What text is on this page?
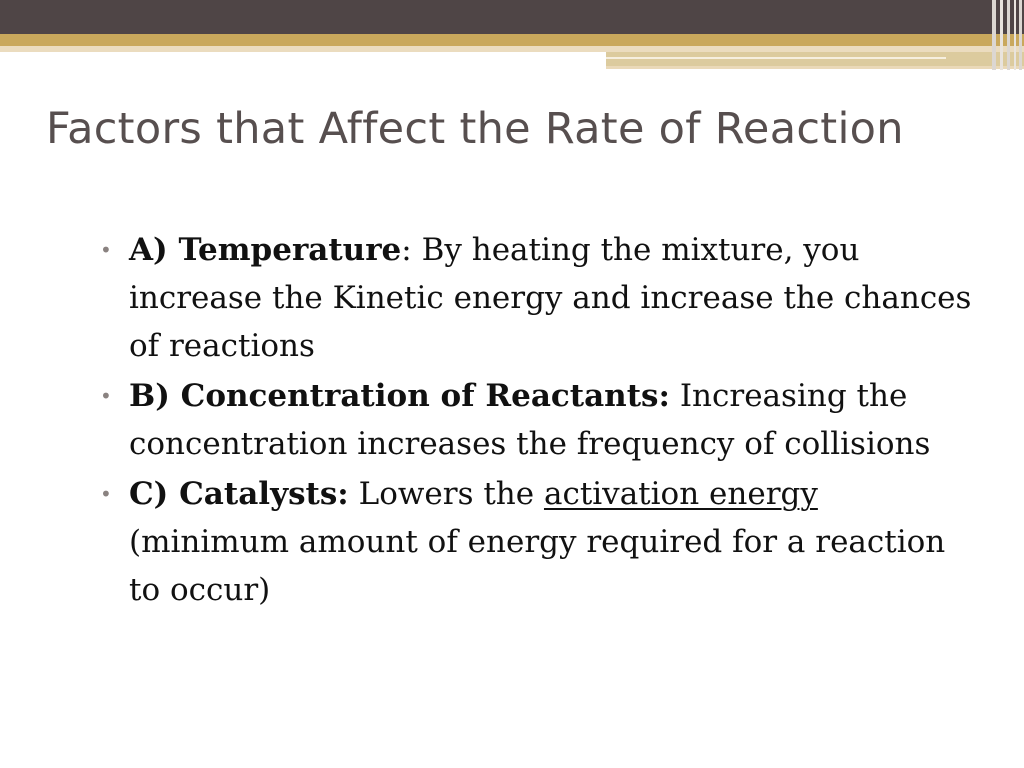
Factors that Affect the Rate of Reaction
• A) Temperature: By heating the mixture, you increase the Kinetic energy and increase the chances of reactions
• B) Concentration of Reactants: Increasing the concentration increases the frequency of collisions
• C) Catalysts: Lowers the activation energy (minimum amount of energy required for a reaction to occur)
